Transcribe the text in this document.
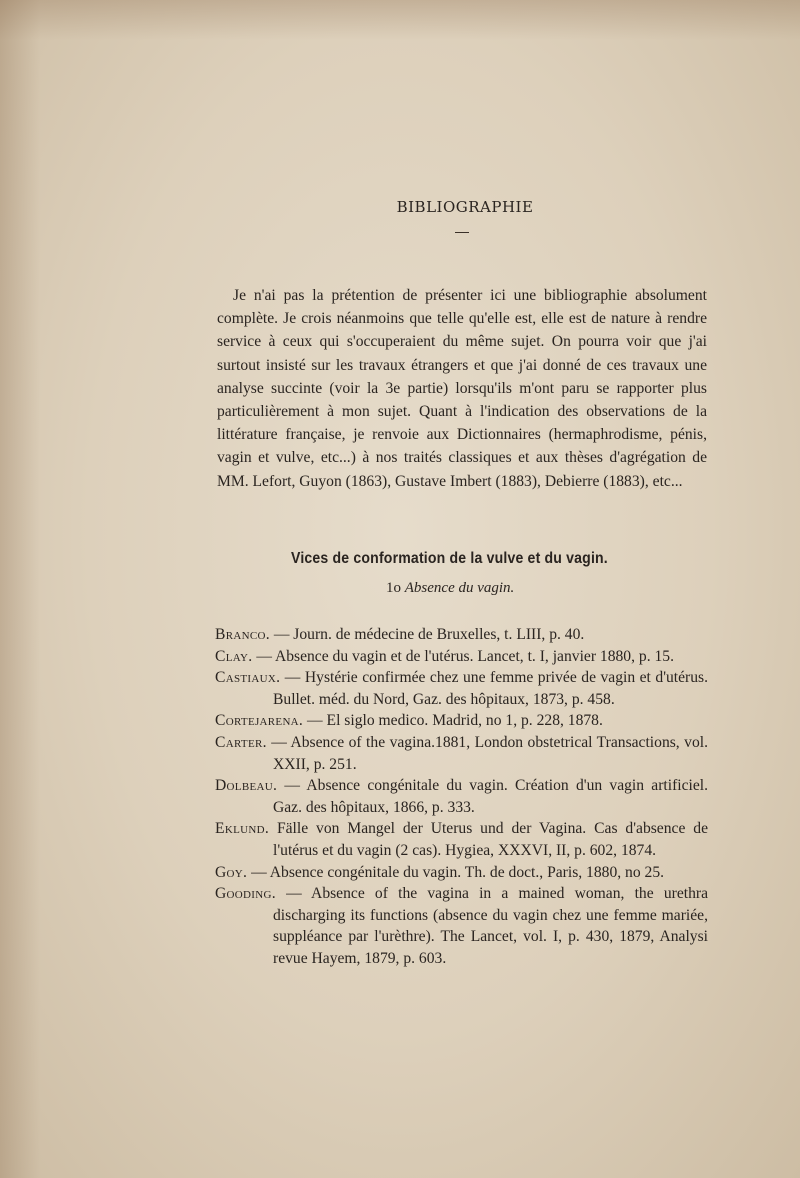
BIBLIOGRAPHIE

Je n'ai pas la prétention de présenter ici une bibliographie absolument complète. Je crois néanmoins que telle qu'elle est, elle est de nature à rendre service à ceux qui s'occuperaient du même sujet. On pourra voir que j'ai surtout insisté sur les travaux étrangers et que j'ai donné de ces travaux une analyse succinte (voir la 3e partie) lorsqu'ils m'ont paru se rapporter plus particulièrement à mon sujet. Quant à l'indication des observations de la littérature française, je renvoie aux Dictionnaires (hermaphrodisme, pénis, vagin et vulve, etc...) à nos traités classiques et aux thèses d'agrégation de MM. Lefort, Guyon (1863), Gustave Imbert (1883), Debierre (1883), etc...

Vices de conformation de la vulve et du vagin.
1o Absence du vagin.

Branco. — Journ. de médecine de Bruxelles, t. LIII, p. 40.

Clay. — Absence du vagin et de l'utérus. Lancet, t. I, janvier 1880, p. 15.

Castiaux. — Hystérie confirmée chez une femme privée de vagin et d'utérus. Bullet. méd. du Nord, Gaz. des hôpitaux, 1873, p. 458.

Cortejarena. — El siglo medico. Madrid, no 1, p. 228, 1878.

Carter. — Absence of the vagina.1881, London obstetrical Transactions, vol. XXII, p. 251.

Dolbeau. — Absence congénitale du vagin. Création d'un vagin artificiel. Gaz. des hôpitaux, 1866, p. 333.

Eklund. Fälle von Mangel der Uterus und der Vagina. Cas d'absence de l'utérus et du vagin (2 cas). Hygiea, XXXVI, II, p. 602, 1874.

Goy. — Absence congénitale du vagin. Th. de doct., Paris, 1880, no 25.

Gooding. — Absence of the vagina in a mained woman, the urethra discharging its functions (absence du vagin chez une femme mariée, suppléance par l'urèthre). The Lancet, vol. I, p. 430, 1879, Analysi revue Hayem, 1879, p. 603.
